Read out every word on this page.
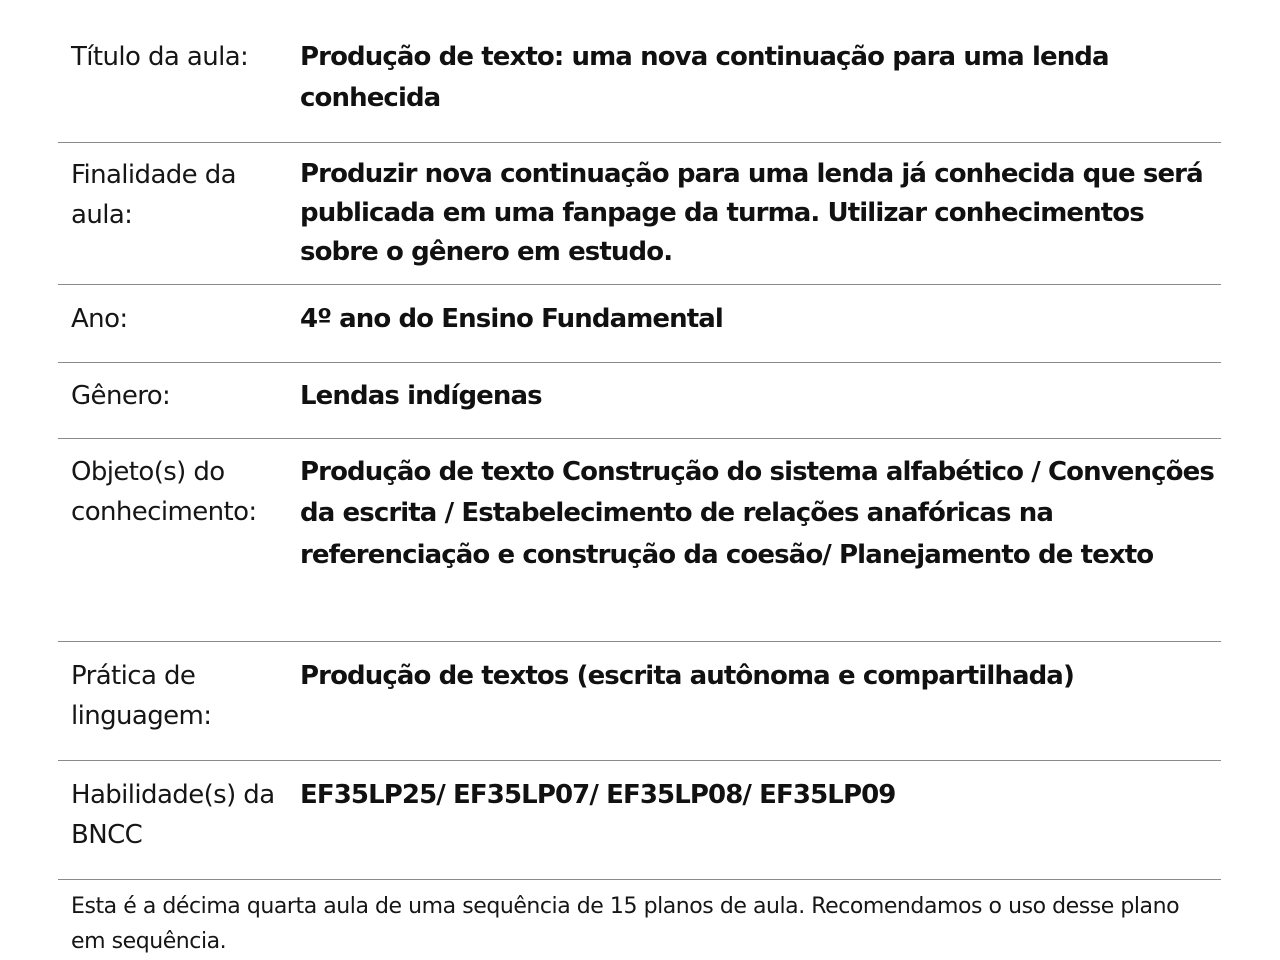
Título da aula:	Produção de texto: uma nova continuação para uma lenda conhecida
Finalidade da aula:	Produzir nova continuação para uma lenda já conhecida que será publicada em uma fanpage da turma. Utilizar conhecimentos sobre o gênero em estudo.
Ano:	4º ano do Ensino Fundamental
Gênero:	Lendas indígenas
Objeto(s) do conhecimento:	Produção de texto Construção do sistema alfabético / Convenções da escrita / Estabelecimento de relações anafóricas na referenciação e construção da coesão/ Planejamento de texto
Prática de linguagem:	Produção de textos (escrita autônoma e compartilhada)
Habilidade(s) da BNCC	EF35LP25/ EF35LP07/ EF35LP08/ EF35LP09
Esta é a décima quarta aula de uma sequência de 15 planos de aula. Recomendamos o uso desse plano em sequência.
